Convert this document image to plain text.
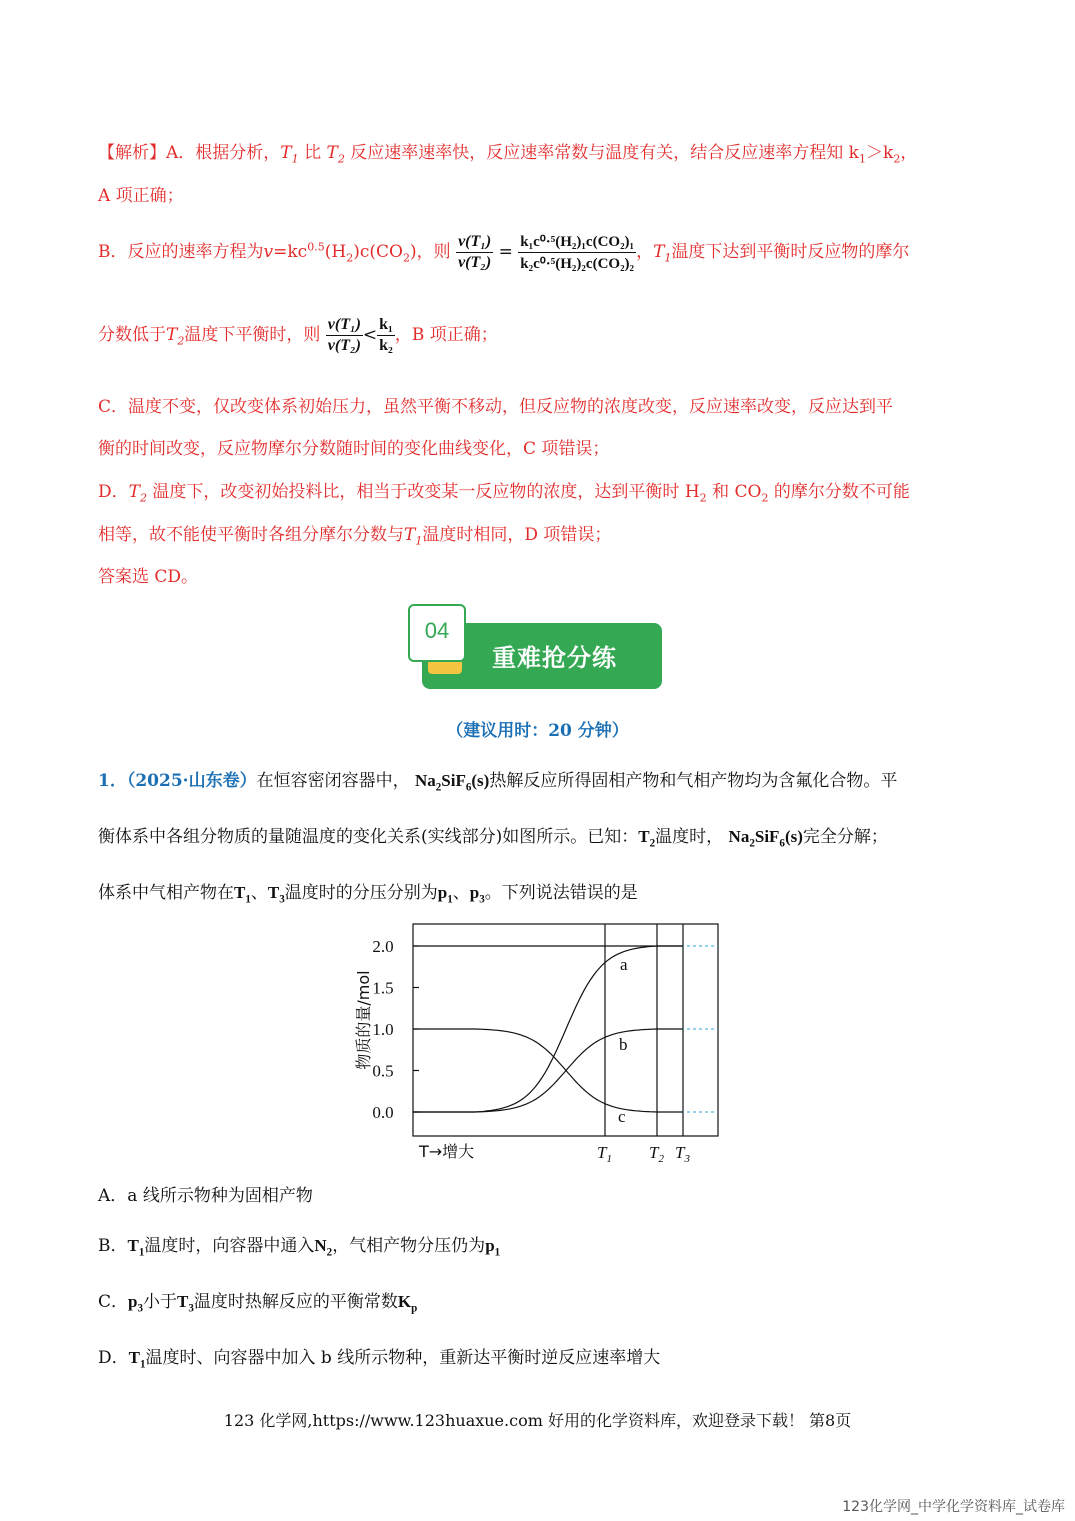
【解析】A．根据分析，$T_1$ 比 $T_2$ 反应速率速率快，反应速率常数与温度有关，结合反应速率方程知 $k_1>k_2$，
A 项正确；
B．反应的速率方程为$v=kc^{0.5}(H_2)c(CO_2)$，则 $\frac{\text{v(T₁)}}{\text{v(T₂)}} = \frac{\text{k₁c⁰·⁵(H₂)₁c(CO₂)₁}}{\text{k₂c⁰·⁵(H₂)₂c(CO₂)₂}}$ ，$T_1$温度下达到平衡时反应物的摩尔
分数低于$T_2$温度下平衡时，则 $\frac{\text{v(T₁)}}{\text{v(T₂)}} < \frac{\text{k₁}}{\text{k₂}}$ ，B 项正确；
C．温度不变，仅改变体系初始压力，虽然平衡不移动，但反应物的浓度改变，反应速率改变，反应达到平
衡的时间改变，反应物摩尔分数随时间的变化曲线变化，C 项错误；
D．$T_2$ 温度下，改变初始投料比，相当于改变某一反应物的浓度，达到平衡时 $H_2$ 和 $CO_2$ 的摩尔分数不可能
相等，故不能使平衡时各组分摩尔分数与$T_1$温度时相同，D 项错误；
答案选 CD。
04
重难抢分练
（建议用时：20 分钟）
1．（2025·山东卷）在恒容密闭容器中， $Na_2SiF_6(s)$热解反应所得固相产物和气相产物均为含氟化合物。平
衡体系中各组分物质的量随温度的变化关系(实线部分)如图所示。已知：$T_2$温度时， $Na_2SiF_6(s)$完全分解；
体系中气相产物在$T_1$、$T_3$温度时的分压分别为$p_1$、$p_3$。下列说法错误的是
0.0
0.5
1.0
1.5
2.0
物质的量/mol
T→增大	$T_1$ $T_2$ $T_3$
a
b
c
A．a 线所示物种为固相产物
B．$T_1$温度时，向容器中通入$N_2$，气相产物分压仍为$p_1$
C．$p_3$小于$T_3$温度时热解反应的平衡常数$K_p$
D．$T_1$温度时、向容器中加入 b 线所示物种，重新达平衡时逆反应速率增大
123 化学网,https://www.123huaxue.com 好用的化学资料库，欢迎登录下载！ 第8页
123化学网_中学化学资料库_试卷库
